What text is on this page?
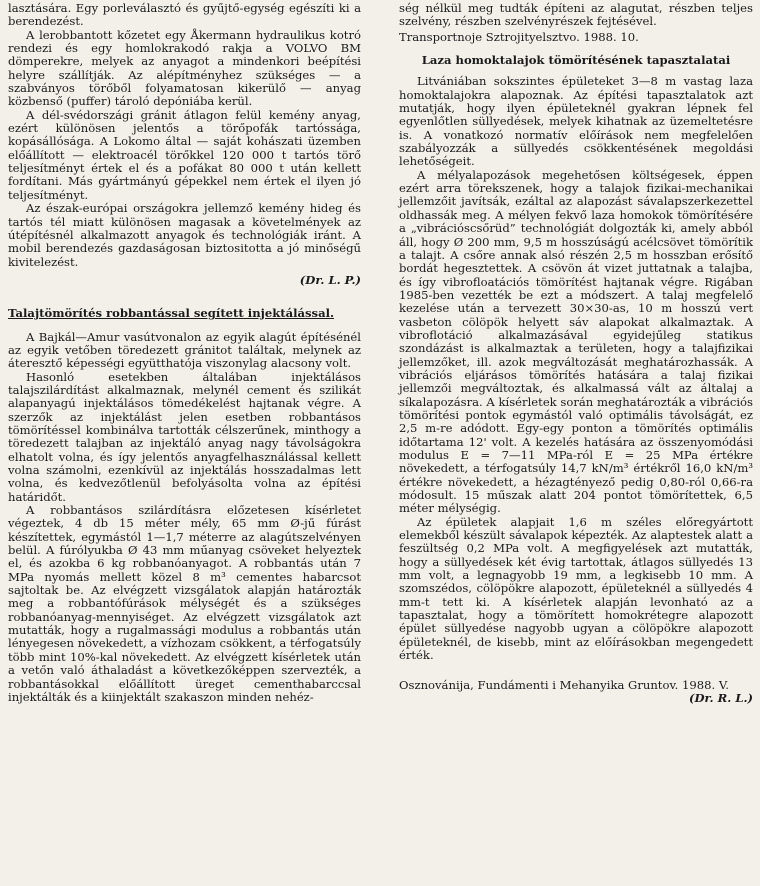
lasztására. Egy porleválasztó és gyűjtő-egység egészíti ki a berendezést.

A lerobbantott kőzetet egy Åkermann hydraulikus kotró rendezi és egy homlokrakodó rakja a VOLVO BM dömperekre, melyek az anyagot a mindenkori beépítési helyre szállítják. Az alépítményhez szükséges — a szabványos törőből folyamatosan kikerülő — anyag közbenső (puffer) tároló depóniába kerül.

A dél-svédországi gránit átlagon felül kemény anyag, ezért különösen jelentős a törőpofák tartóssága, kopásállósága. A Lokomo által — saját kohászati üzemben előállított — elektroacél törőkkel 120 000 t tartós törő teljesítményt értek el és a pofákat 80 000 t után kellett fordítani. Más gyártmányú gépekkel nem értek el ilyen jó teljesítményt.

Az észak-európai országokra jellemző kemény hideg és tartós tél miatt különösen magasak a követelmények az útépítésnél alkalmazott anyagok és technológiák iránt. A mobil berendezés gazdaságosan biztositotta a jó minőségű kivitelezést.

(Dr. L. P.)

Talajtömörítés robbantással segített injektálással.

A Bajkál—Amur vasútvonalon az egyik alagút építésénél az egyik vetőben töredezett gránitot találtak, melynek az áteresztő képességi együtthatója viszonylag alacsony volt.

Hasonló esetekben általában injektálásos talajszilárdítást alkalmaznak, melynél cement és szilikát alapanyagú injektálásos tömedékelést hajtanak végre. A szerzők az injektálást jelen esetben robbantásos tömörítéssel kombinálva tartották célszerűnek, minthogy a töredezett talajban az injektáló anyag nagy távolságokra elhatolt volna, és így jelentős anyagfelhasználással kellett volna számolni, ezenkívül az injektálás hosszadalmas lett volna, és kedvezőtlenül befolyásolta volna az építési határidőt.

A robbantásos szilárdításra előzetesen kísérletet végeztek, 4 db 15 méter mély, 65 mm Ø-jű fúrást készítettek, egymástól 1—1,7 méterre az alagútszelvényen belül. A fúrólyukba Ø 43 mm műanyag csöveket helyeztek el, és azokba 6 kg robbanóanyagot. A robbantás után 7 MPa nyomás mellett közel 8 m³ cementes habarcsot sajtoltak be. Az elvégzett vizsgálatok alapján határozták meg a robbantófúrások mélységét és a szükséges robbanóanyag-mennyiséget. Az elvégzett vizsgálatok azt mutatták, hogy a rugalmassági modulus a robbantás után lényegesen növekedett, a vízhozam csökkent, a térfogatsúly több mint 10%-kal növekedett. Az elvégzett kísérletek után a vetőn való áthaladást a következőképpen szervezték, a robbantásokkal előállított üreget cementhabarccsal injektálták és a kiinjektált szakaszon minden nehéz-

ség nélkül meg tudták építeni az alagutat, részben teljes szelvény, részben szelvényrészek fejtésével.

Transportnoje Sztrojityelsztvo. 1988. 10.

Laza homoktalajok tömörítésének tapasztalatai

Litvániában sokszintes épületeket 3—8 m vastag laza homoktalajokra alapoznak. Az építési tapasztalatok azt mutatják, hogy ilyen épületeknél gyakran lépnek fel egyenlőtlen süllyedések, melyek kihatnak az üzemeltetésre is. A vonatkozó normatív előírások nem megfelelően szabályozzák a süllyedés csökkentésének megoldási lehetőségeit.

A mélyalapozások megehetősen költségesek, éppen ezért arra törekszenek, hogy a talajok fizikai-mechanikai jellemzőit javítsák, ezáltal az alapozást sávalapszerkezettel oldhassák meg. A mélyen fekvő laza homokok tömörítésére a „vibrációscsőrüd” technológiát dolgozták ki, amely abból áll, hogy Ø 200 mm, 9,5 m hosszúságú acélcsövet tömörítik a talajt. A csőre annak alsó részén 2,5 m hosszban erősítő bordát hegesztettek. A csövön át vizet juttatnak a talajba, és így vibrofloatációs tömörítést hajtanak végre. Rigában 1985-ben vezették be ezt a módszert. A talaj megfelelő kezelése után a tervezett 30×30-as, 10 m hosszú vert vasbeton cölöpök helyett sáv alapokat alkalmaztak. A vibroflotáció alkalmazásával egyidejűleg statikus szondázást is alkalmaztak a területen, hogy a talajfizikai jellemzőket, ill. azok megváltozását meghatározhassák. A vibrációs eljárásos tömörítés hatására a talaj fizikai jellemzői megváltoztak, és alkalmassá vált az általaj a síkalapozásra. A kísérletek során meghatározták a vibrációs tömörítési pontok egymástól való optimális távolságát, ez 2,5 m-re adódott. Egy-egy ponton a tömörítés optimális időtartama 12' volt. A kezelés hatására az összenyomódási modulus E = 7—11 MPa-ról E = 25 MPa értékre növekedett, a térfogatsúly 14,7 kN/m³ értékről 16,0 kN/m³ értékre növekedett, a hézagtényező pedig 0,80-ról 0,66-ra módosult. 15 műszak alatt 204 pontot tömörítettek, 6,5 méter mélységig.

Az épületek alapjait 1,6 m széles előregyártott elemekből készült sávalapok képezték. Az alaptestek alatt a feszültség 0,2 MPa volt. A megfigyelések azt mutatták, hogy a süllyedések két évig tartottak, átlagos süllyedés 13 mm volt, a legnagyobb 19 mm, a legkisebb 10 mm. A szomszédos, cölöpökre alapozott, épületeknél a süllyedés 4 mm-t tett ki. A kísérletek alapján levonható az a tapasztalat, hogy a tömörített homokrétegre alapozott épület süllyedése nagyobb ugyan a cölöpökre alapozott épületeknél, de kisebb, mint az előírásokban megengedett érték.

Osznovánija, Fundámenti i Mehanyika Gruntov. 1988. V.

(Dr. R. L.)
